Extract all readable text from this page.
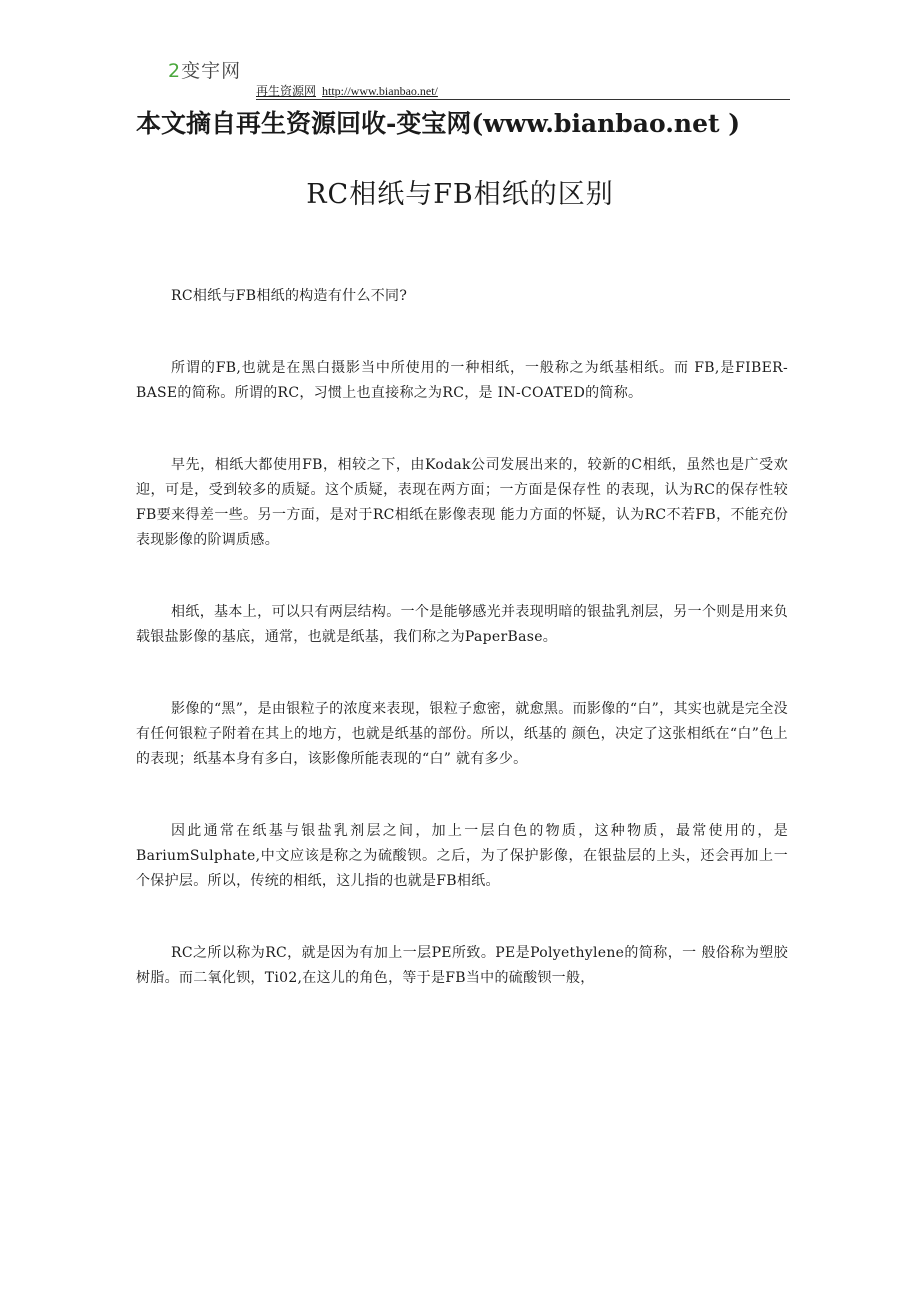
2变宇网
再生资源网 http://www.bianbao.net/
本文摘自再生资源回收-变宝网(www.bianbao.net )
RC相纸与FB相纸的区别

RC相纸与FB相纸的构造有什么不同?

所谓的FB,也就是在黑白摄影当中所使用的一种相纸，一般称之为纸基相纸。而 FB,是FIBER-BASE的简称。所谓的RC，习惯上也直接称之为RC，是 IN-COATED的简称。

早先，相纸大都使用FB，相较之下，由Kodak公司发展出来的，较新的C相纸，虽然也是广受欢迎，可是，受到较多的质疑。这个质疑，表现在两方面；一方面是保存性 的表现，认为RC的保存性较FB要来得差一些。另一方面，是对于RC相纸在影像表现 能力方面的怀疑，认为RC不若FB，不能充份表现影像的阶调质感。

相纸，基本上，可以只有两层结构。一个是能够感光并表现明暗的银盐乳剂层，另一个则是用来负载银盐影像的基底，通常，也就是纸基，我们称之为PaperBase。

影像的“黑”，是由银粒子的浓度来表现，银粒子愈密，就愈黑。而影像的“白”，其实也就是完全没有任何银粒子附着在其上的地方，也就是纸基的部份。所以，纸基的 颜色，决定了这张相纸在“白”色上的表现；纸基本身有多白，该影像所能表现的“白” 就有多少。

因此通常在纸基与银盐乳剂层之间，加上一层白色的物质，这种物质，最常使用的，是BariumSulphate,中文应该是称之为硫酸钡。之后，为了保护影像，在银盐层的上头，还会再加上一个保护层。所以，传统的相纸，这儿指的也就是FB相纸。

RC之所以称为RC，就是因为有加上一层PE所致。PE是Polyethylene的简称，一 般俗称为塑胶树脂。而二氧化钡，Ti02,在这儿的角色，等于是FB当中的硫酸钡一般，
